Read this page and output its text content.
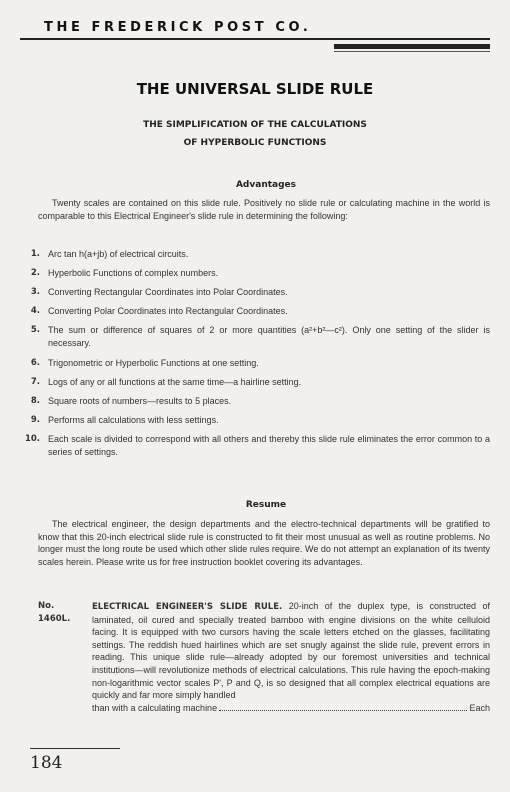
THE FREDERICK POST CO.
THE UNIVERSAL SLIDE RULE
THE SIMPLIFICATION OF THE CALCULATIONS
OF HYPERBOLIC FUNCTIONS
Advantages
Twenty scales are contained on this slide rule. Positively no slide rule or calculating machine in the world is comparable to this Electrical Engineer's slide rule in determining the following:
1. Arc tan h(a+jb) of electrical circuits.
2. Hyperbolic Functions of complex numbers.
3. Converting Rectangular Coordinates into Polar Coordinates.
4. Converting Polar Coordinates into Rectangular Coordinates.
5. The sum or difference of squares of 2 or more quantities (a²+b²—c²). Only one setting of the slider is necessary.
6. Trigonometric or Hyperbolic Functions at one setting.
7. Logs of any or all functions at the same time—a hairline setting.
8. Square roots of numbers—results to 5 places.
9. Performs all calculations with less settings.
10. Each scale is divided to correspond with all others and thereby this slide rule eliminates the error common to a series of settings.
Resume
The electrical engineer, the design departments and the electro-technical departments will be gratified to know that this 20-inch electrical slide rule is constructed to fit their most unusual as well as routine problems. No longer must the long route be used which other slide rules require. We do not attempt an explanation of its twenty scales herein. Please write us for free instruction booklet covering its advantages.
No. 1460L.
ELECTRICAL ENGINEER'S SLIDE RULE. 20-inch of the duplex type, is constructed of laminated, oil cured and specially treated bamboo with engine divisions on the white celluloid facing. It is equipped with two cursors having the scale letters etched on the glasses, facilitating settings. The reddish hued hairlines which are set snugly against the slide rule, prevent errors in reading. This unique slide rule—already adopted by our foremost universities and technical institutions—will revolutionize methods of electrical calculations. This rule having the epoch-making non-logarithmic vector scales P', P and Q, is so designed that all complex electrical equations are quickly and far more simply handled
than with a calculating machine	Each
184
